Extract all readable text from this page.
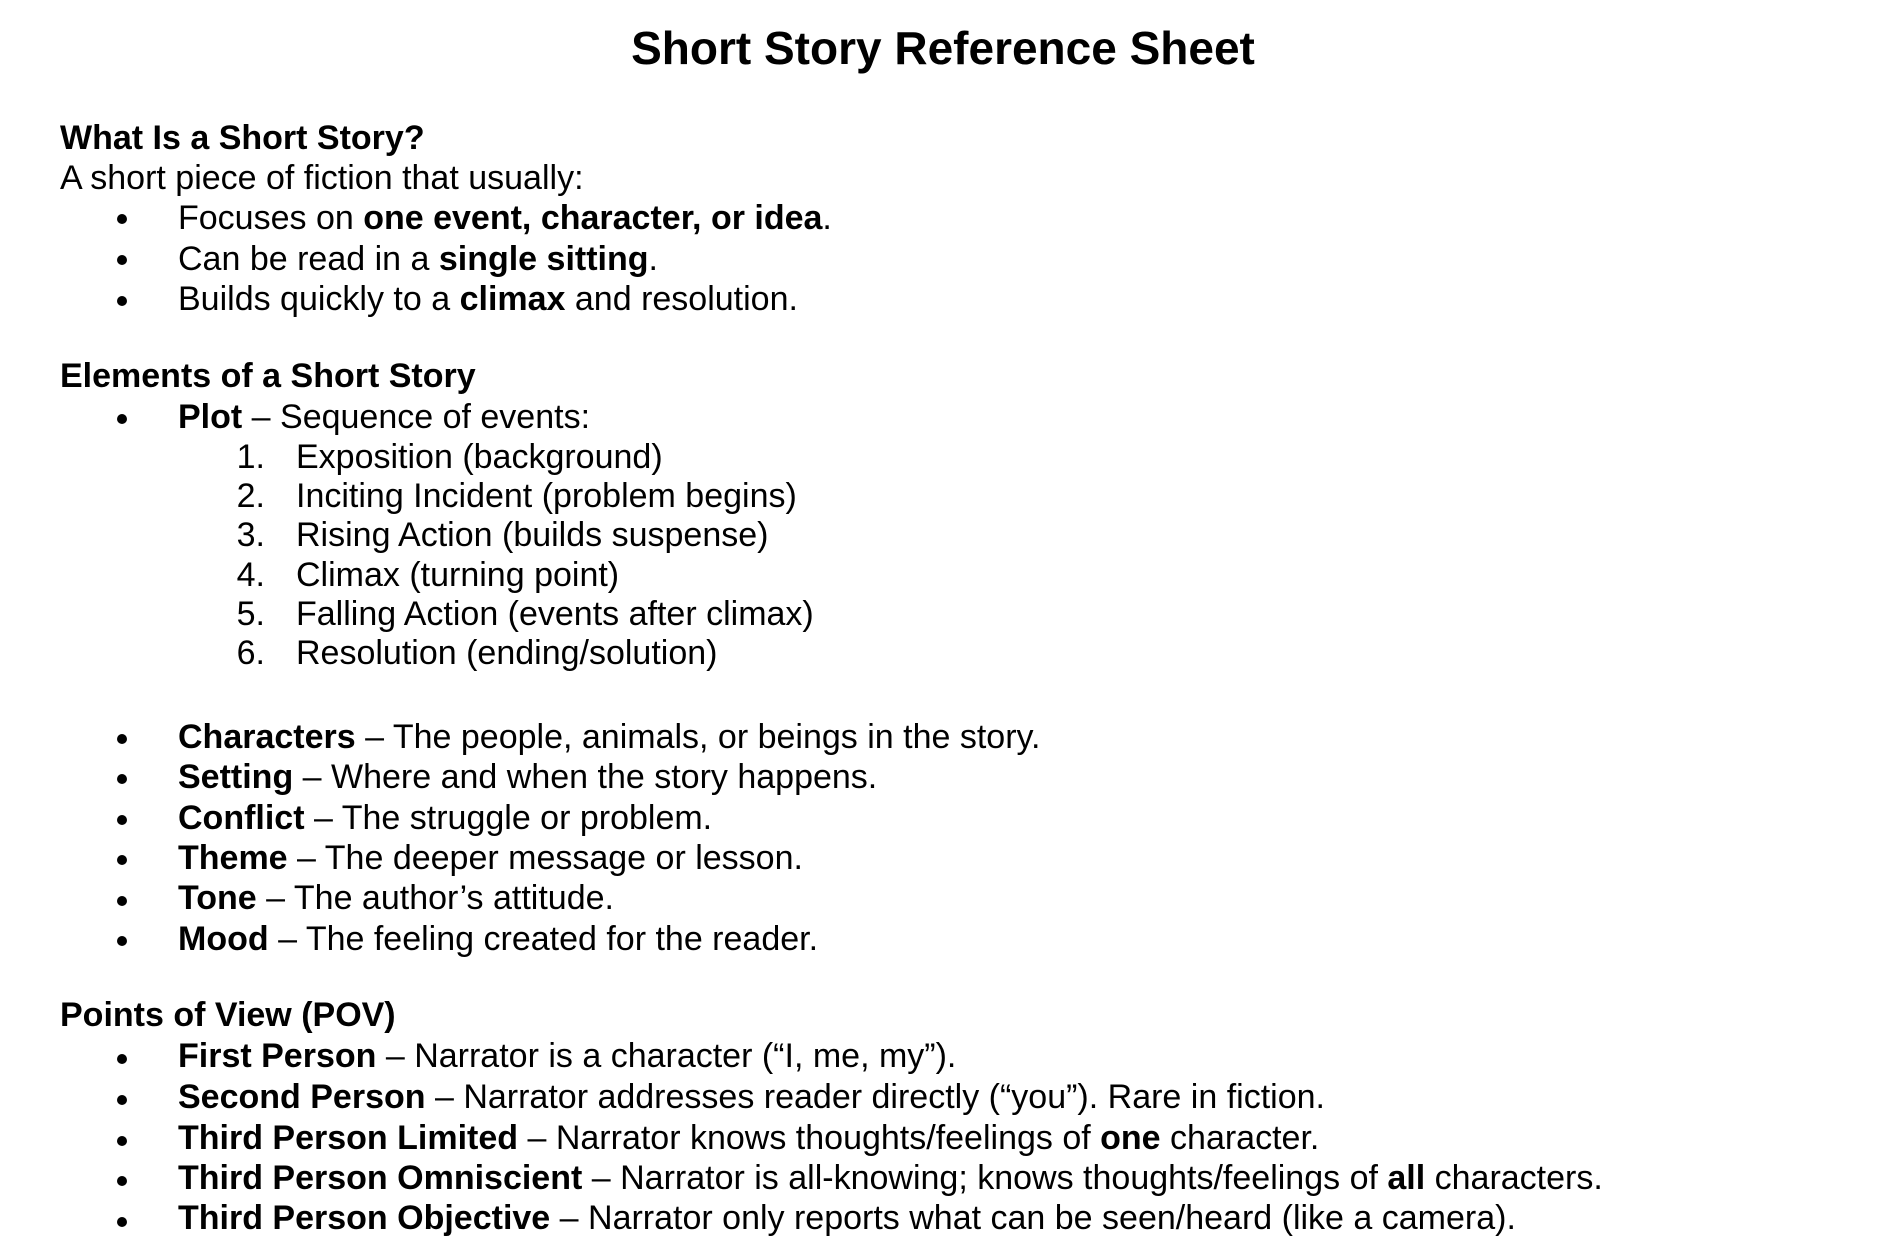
Short Story Reference Sheet
What Is a Short Story?
A short piece of fiction that usually:
Focuses on one event, character, or idea.
Can be read in a single sitting.
Builds quickly to a climax and resolution.
Elements of a Short Story
Plot – Sequence of events:
1. Exposition (background)
2. Inciting Incident (problem begins)
3. Rising Action (builds suspense)
4. Climax (turning point)
5. Falling Action (events after climax)
6. Resolution (ending/solution)
Characters – The people, animals, or beings in the story.
Setting – Where and when the story happens.
Conflict – The struggle or problem.
Theme – The deeper message or lesson.
Tone – The author’s attitude.
Mood – The feeling created for the reader.
Points of View (POV)
First Person – Narrator is a character (“I, me, my”).
Second Person – Narrator addresses reader directly (“you”). Rare in fiction.
Third Person Limited – Narrator knows thoughts/feelings of one character.
Third Person Omniscient – Narrator is all-knowing; knows thoughts/feelings of all characters.
Third Person Objective – Narrator only reports what can be seen/heard (like a camera).
